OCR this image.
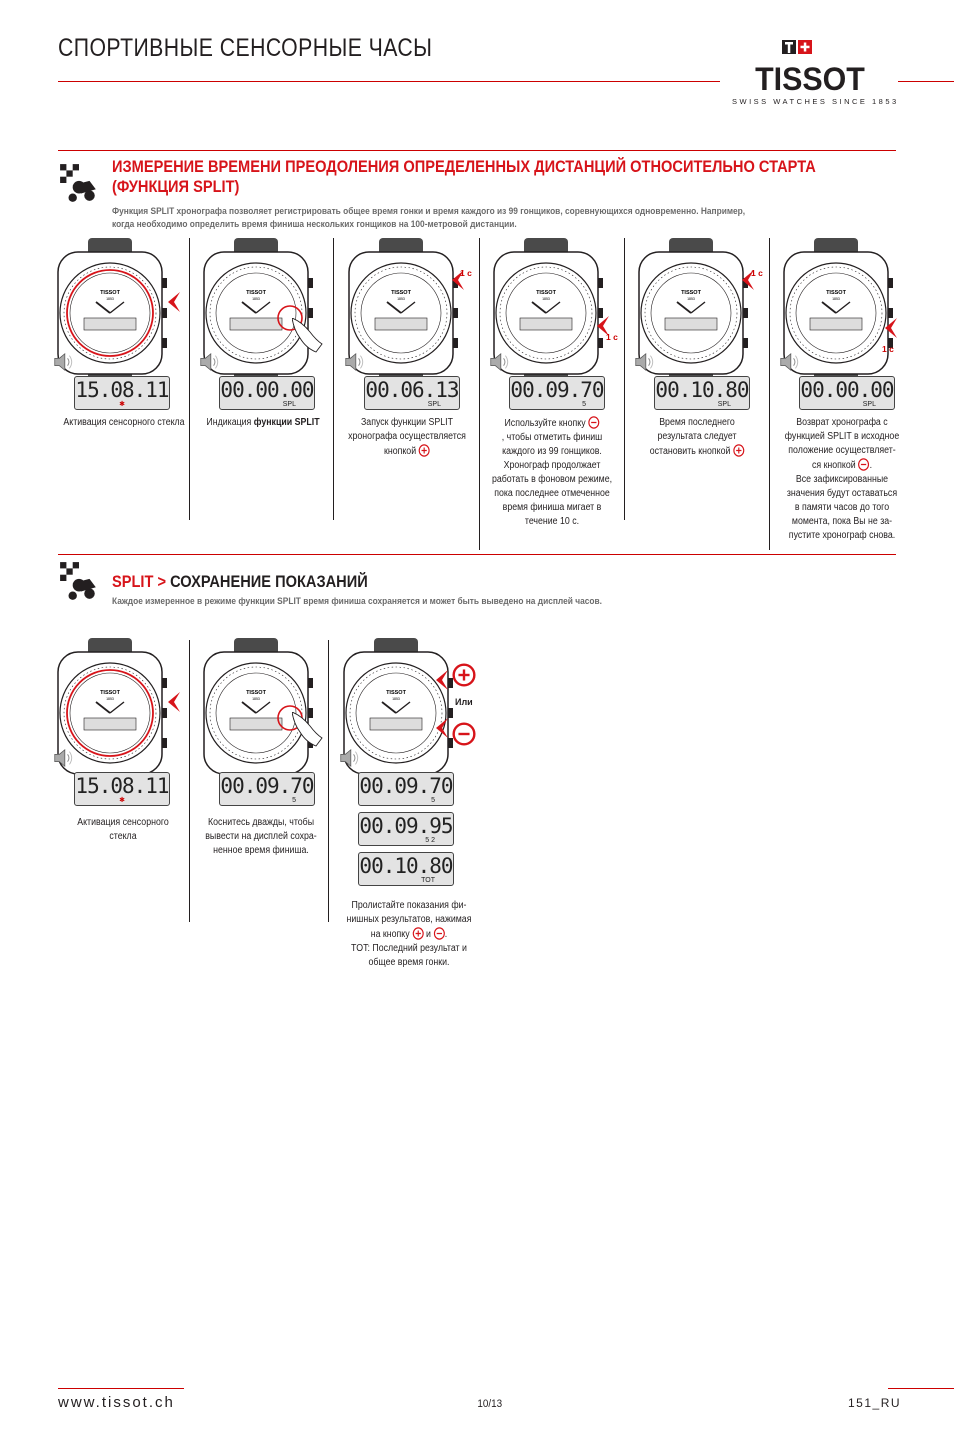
СПОРТИВНЫЕ СЕНСОРНЫЕ ЧАСЫ
TISSOT
SWISS WATCHES SINCE 1853
ИЗМЕРЕНИЕ ВРЕМЕНИ ПРЕОДОЛЕНИЯ ОПРЕДЕЛЕННЫХ ДИСТАНЦИЙ ОТНОСИТЕЛЬНО СТАРТА
(ФУНКЦИЯ SPLIT)
Функция SPLIT хронографа позволяет регистрировать общее время гонки и время каждого из 99 гонщиков, соревнующихся одновременно. Например,
когда необходимо определить время финиша нескольких гонщиков на 100-метровой дистанции.
15.08.11
✱
Активация сенсорного стекла
00.00.00
SPL
Индикация функции SPLIT
1 c
00.06.13
SPL
Запуск функции SPLIT
хронографа осуществляется
кнопкой
1 c
00.09.70
5
Используйте кнопку
, чтобы отметить финиш
каждого из 99 гонщиков.
Хронограф продолжает
работать в фоновом режиме,
пока последнее отмеченное
время финиша мигает в
течение 10 с.
1 c
00.10.80
SPL
Время последнего
результата следует
остановить кнопкой
1 c
00.00.00
SPL
Возврат хронографа с
функцией SPLIT в исходное
положение осуществляет-
ся кнопкой .
Все зафиксированные
значения будут оставаться
в памяти часов до того
момента, пока Вы не за-
пустите хронограф снова.
SPLIT > СОХРАНЕНИЕ ПОКАЗАНИЙ
Каждое измеренное в режиме функции SPLIT время финиша сохраняется и может быть выведено на дисплей часов.
15.08.11
✱
Активация сенсорного
стекла
00.09.70
5
Коснитесь дважды, чтобы
вывести на дисплей сохра-
ненное время финиша.
Или
00.09.70
5
00.09.95
5 2
00.10.80
TOT
Пролистайте показания фи-
нишных результатов, нажимая
на кнопку и .
TOT: Последний результат и
общее время гонки.
www.tissot.ch	10/13	151_RU
